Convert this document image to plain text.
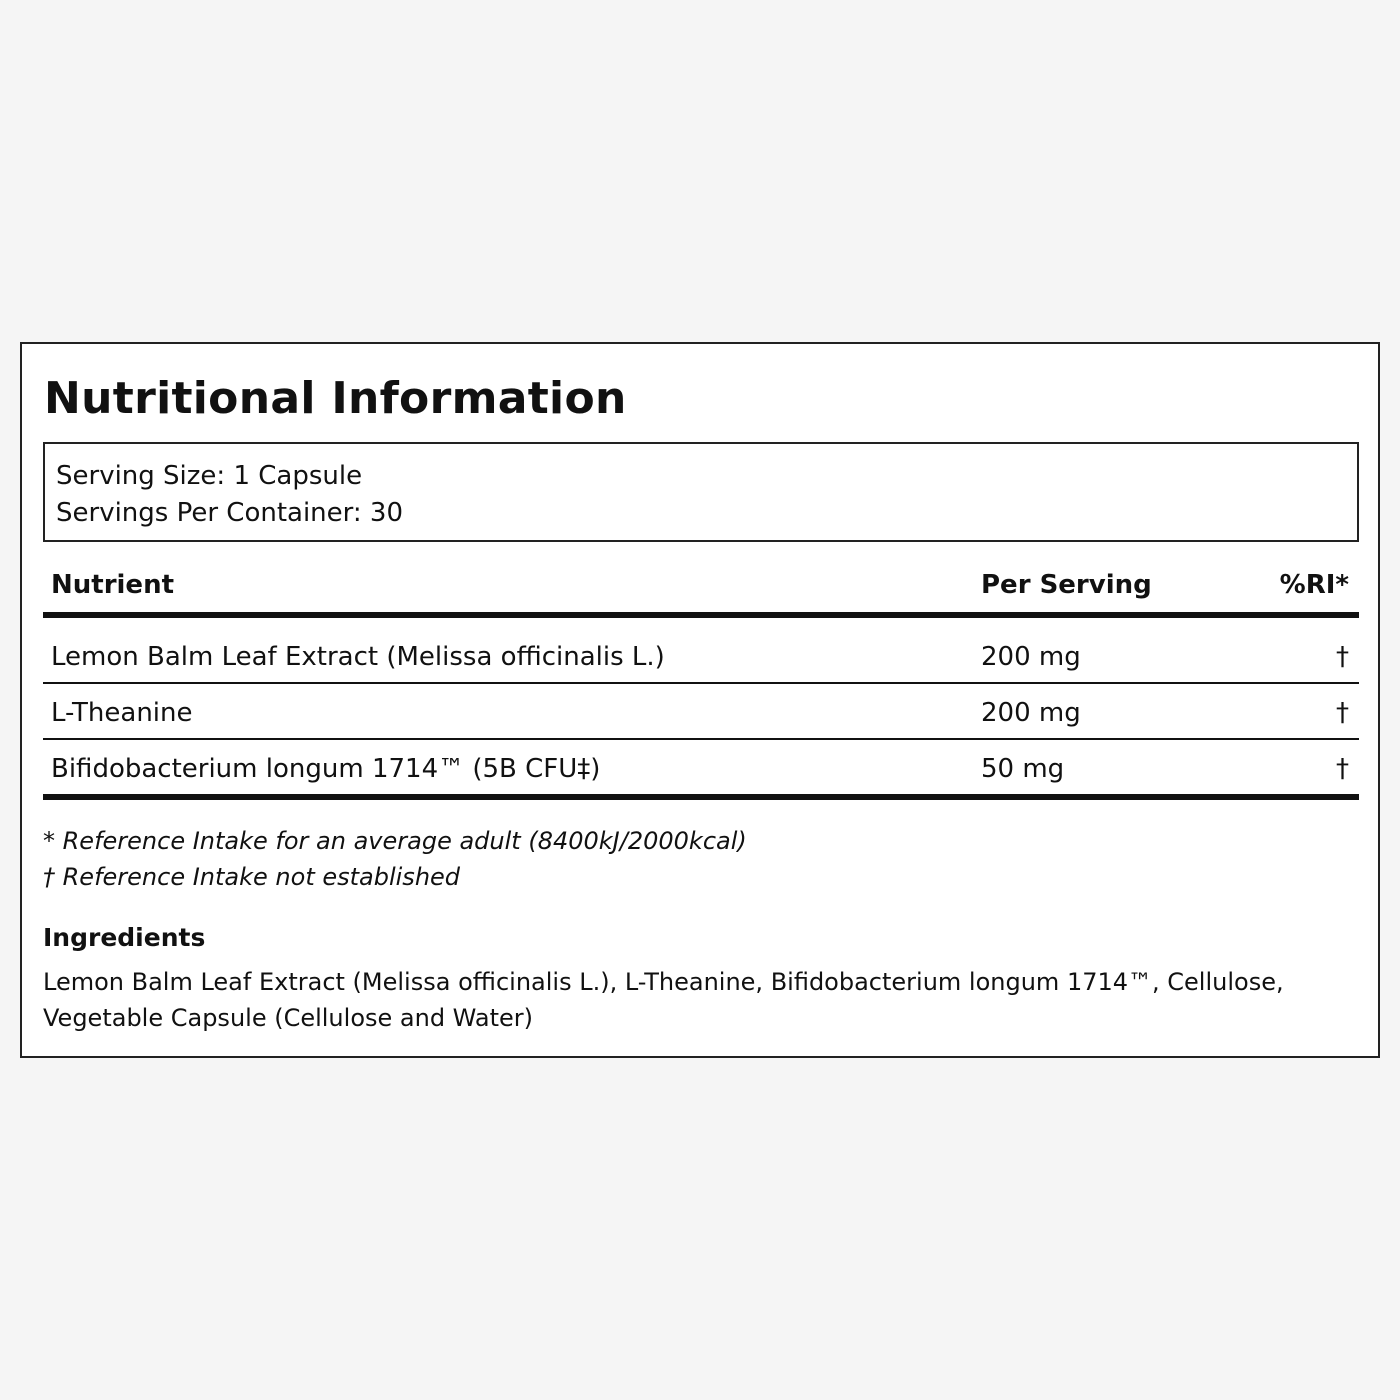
Nutritional Information
Serving Size: 1 Capsule
Servings Per Container: 30
Nutrient	Per Serving	%RI*
Lemon Balm Leaf Extract (Melissa officinalis L.)	200 mg	†
L-Theanine	200 mg	†
Bifidobacterium longum 1714™ (5B CFU‡)	50 mg	†
* Reference Intake for an average adult (8400kJ/2000kcal)
† Reference Intake not established
Ingredients
Lemon Balm Leaf Extract (Melissa officinalis L.), L-Theanine, Bifidobacterium longum 1714™, Cellulose, Vegetable Capsule (Cellulose and Water)
